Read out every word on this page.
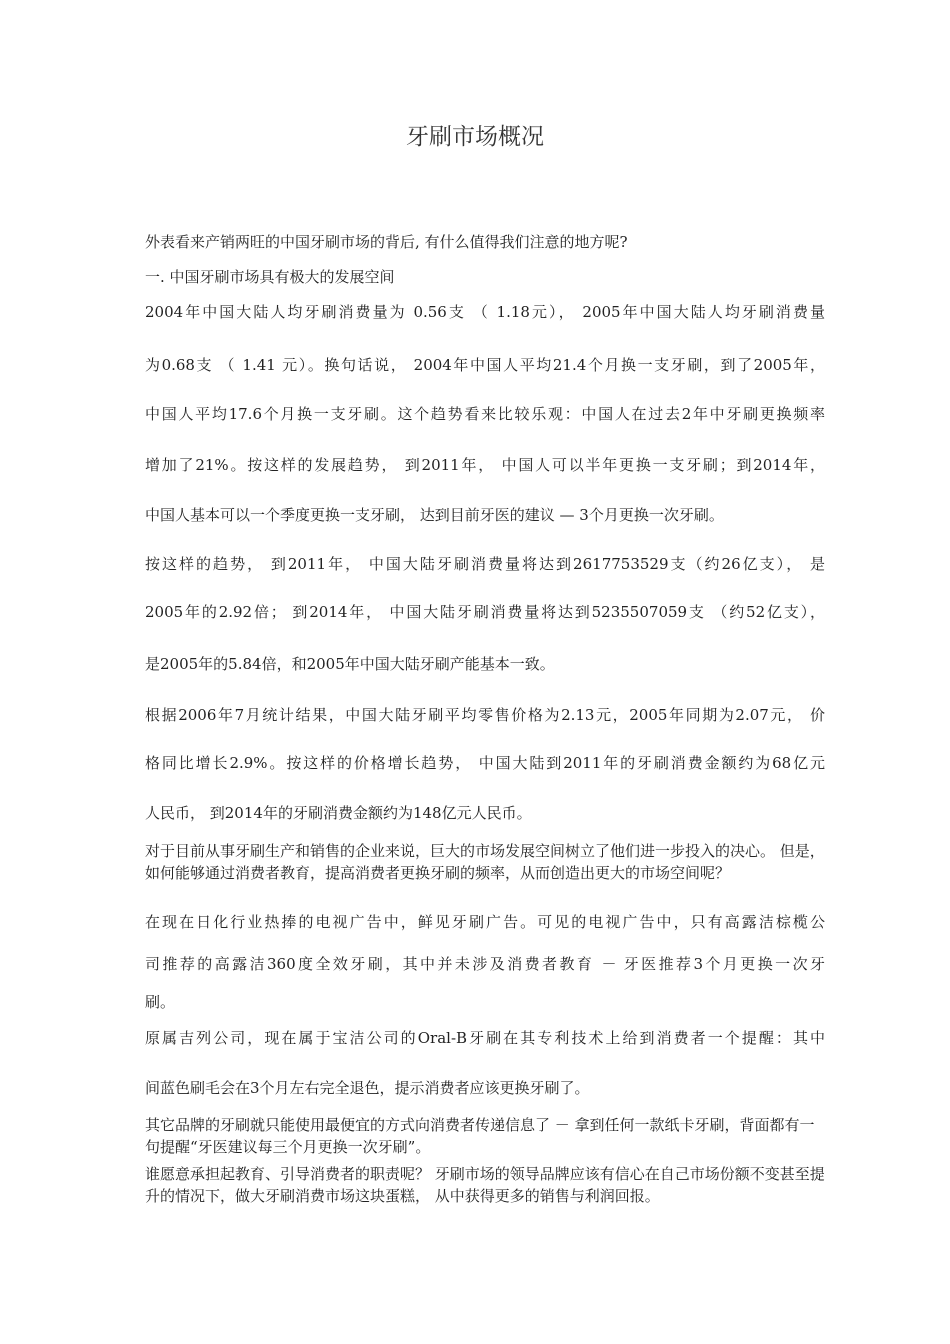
牙刷市场概况
外表看来产销两旺的中国牙刷市场的背后, 有什么值得我们注意的地方呢?
一. 中国牙刷市场具有极大的发展空间
2004年中国大陆人均牙刷消费量为 0.56支 （ 1.18元）， 2005年中国大陆人均牙刷消费量
为0.68支 （ 1.41 元）。换句话说， 2004年中国人平均21.4个月换一支牙刷，到了2005年，
中国人平均17.6个月换一支牙刷。这个趋势看来比较乐观：中国人在过去2年中牙刷更换频率
增加了21%。按这样的发展趋势， 到2011年， 中国人可以半年更换一支牙刷；到2014年，
中国人基本可以一个季度更换一支牙刷， 达到目前牙医的建议 — 3个月更换一次牙刷。
按这样的趋势， 到2011年， 中国大陆牙刷消费量将达到2617753529支（约26亿支）， 是
2005年的2.92倍； 到2014年， 中国大陆牙刷消费量将达到5235507059支 （约52亿支），
是2005年的5.84倍，和2005年中国大陆牙刷产能基本一致。
根据2006年7月统计结果，中国大陆牙刷平均零售价格为2.13元，2005年同期为2.07元， 价
格同比增长2.9%。按这样的价格增长趋势， 中国大陆到2011年的牙刷消费金额约为68亿元
人民币， 到2014年的牙刷消费金额约为148亿元人民币。
对于目前从事牙刷生产和销售的企业来说，巨大的市场发展空间树立了他们进一步投入的决心。 但是，如何能够通过消费者教育，提高消费者更换牙刷的频率，从而创造出更大的市场空间呢？
在现在日化行业热捧的电视广告中，鲜见牙刷广告。可见的电视广告中，只有高露洁棕榄公
司推荐的高露洁360度全效牙刷，其中并未涉及消费者教育 － 牙医推荐3个月更换一次牙
刷。
原属吉列公司，现在属于宝洁公司的Oral-B牙刷在其专利技术上给到消费者一个提醒：其中
间蓝色刷毛会在3个月左右完全退色，提示消费者应该更换牙刷了。
其它品牌的牙刷就只能使用最便宜的方式向消费者传递信息了 － 拿到任何一款纸卡牙刷，背面都有一句提醒“牙医建议每三个月更换一次牙刷”。
谁愿意承担起教育、引导消费者的职责呢？ 牙刷市场的领导品牌应该有信心在自己市场份额不变甚至提升的情况下，做大牙刷消费市场这块蛋糕， 从中获得更多的销售与利润回报。
